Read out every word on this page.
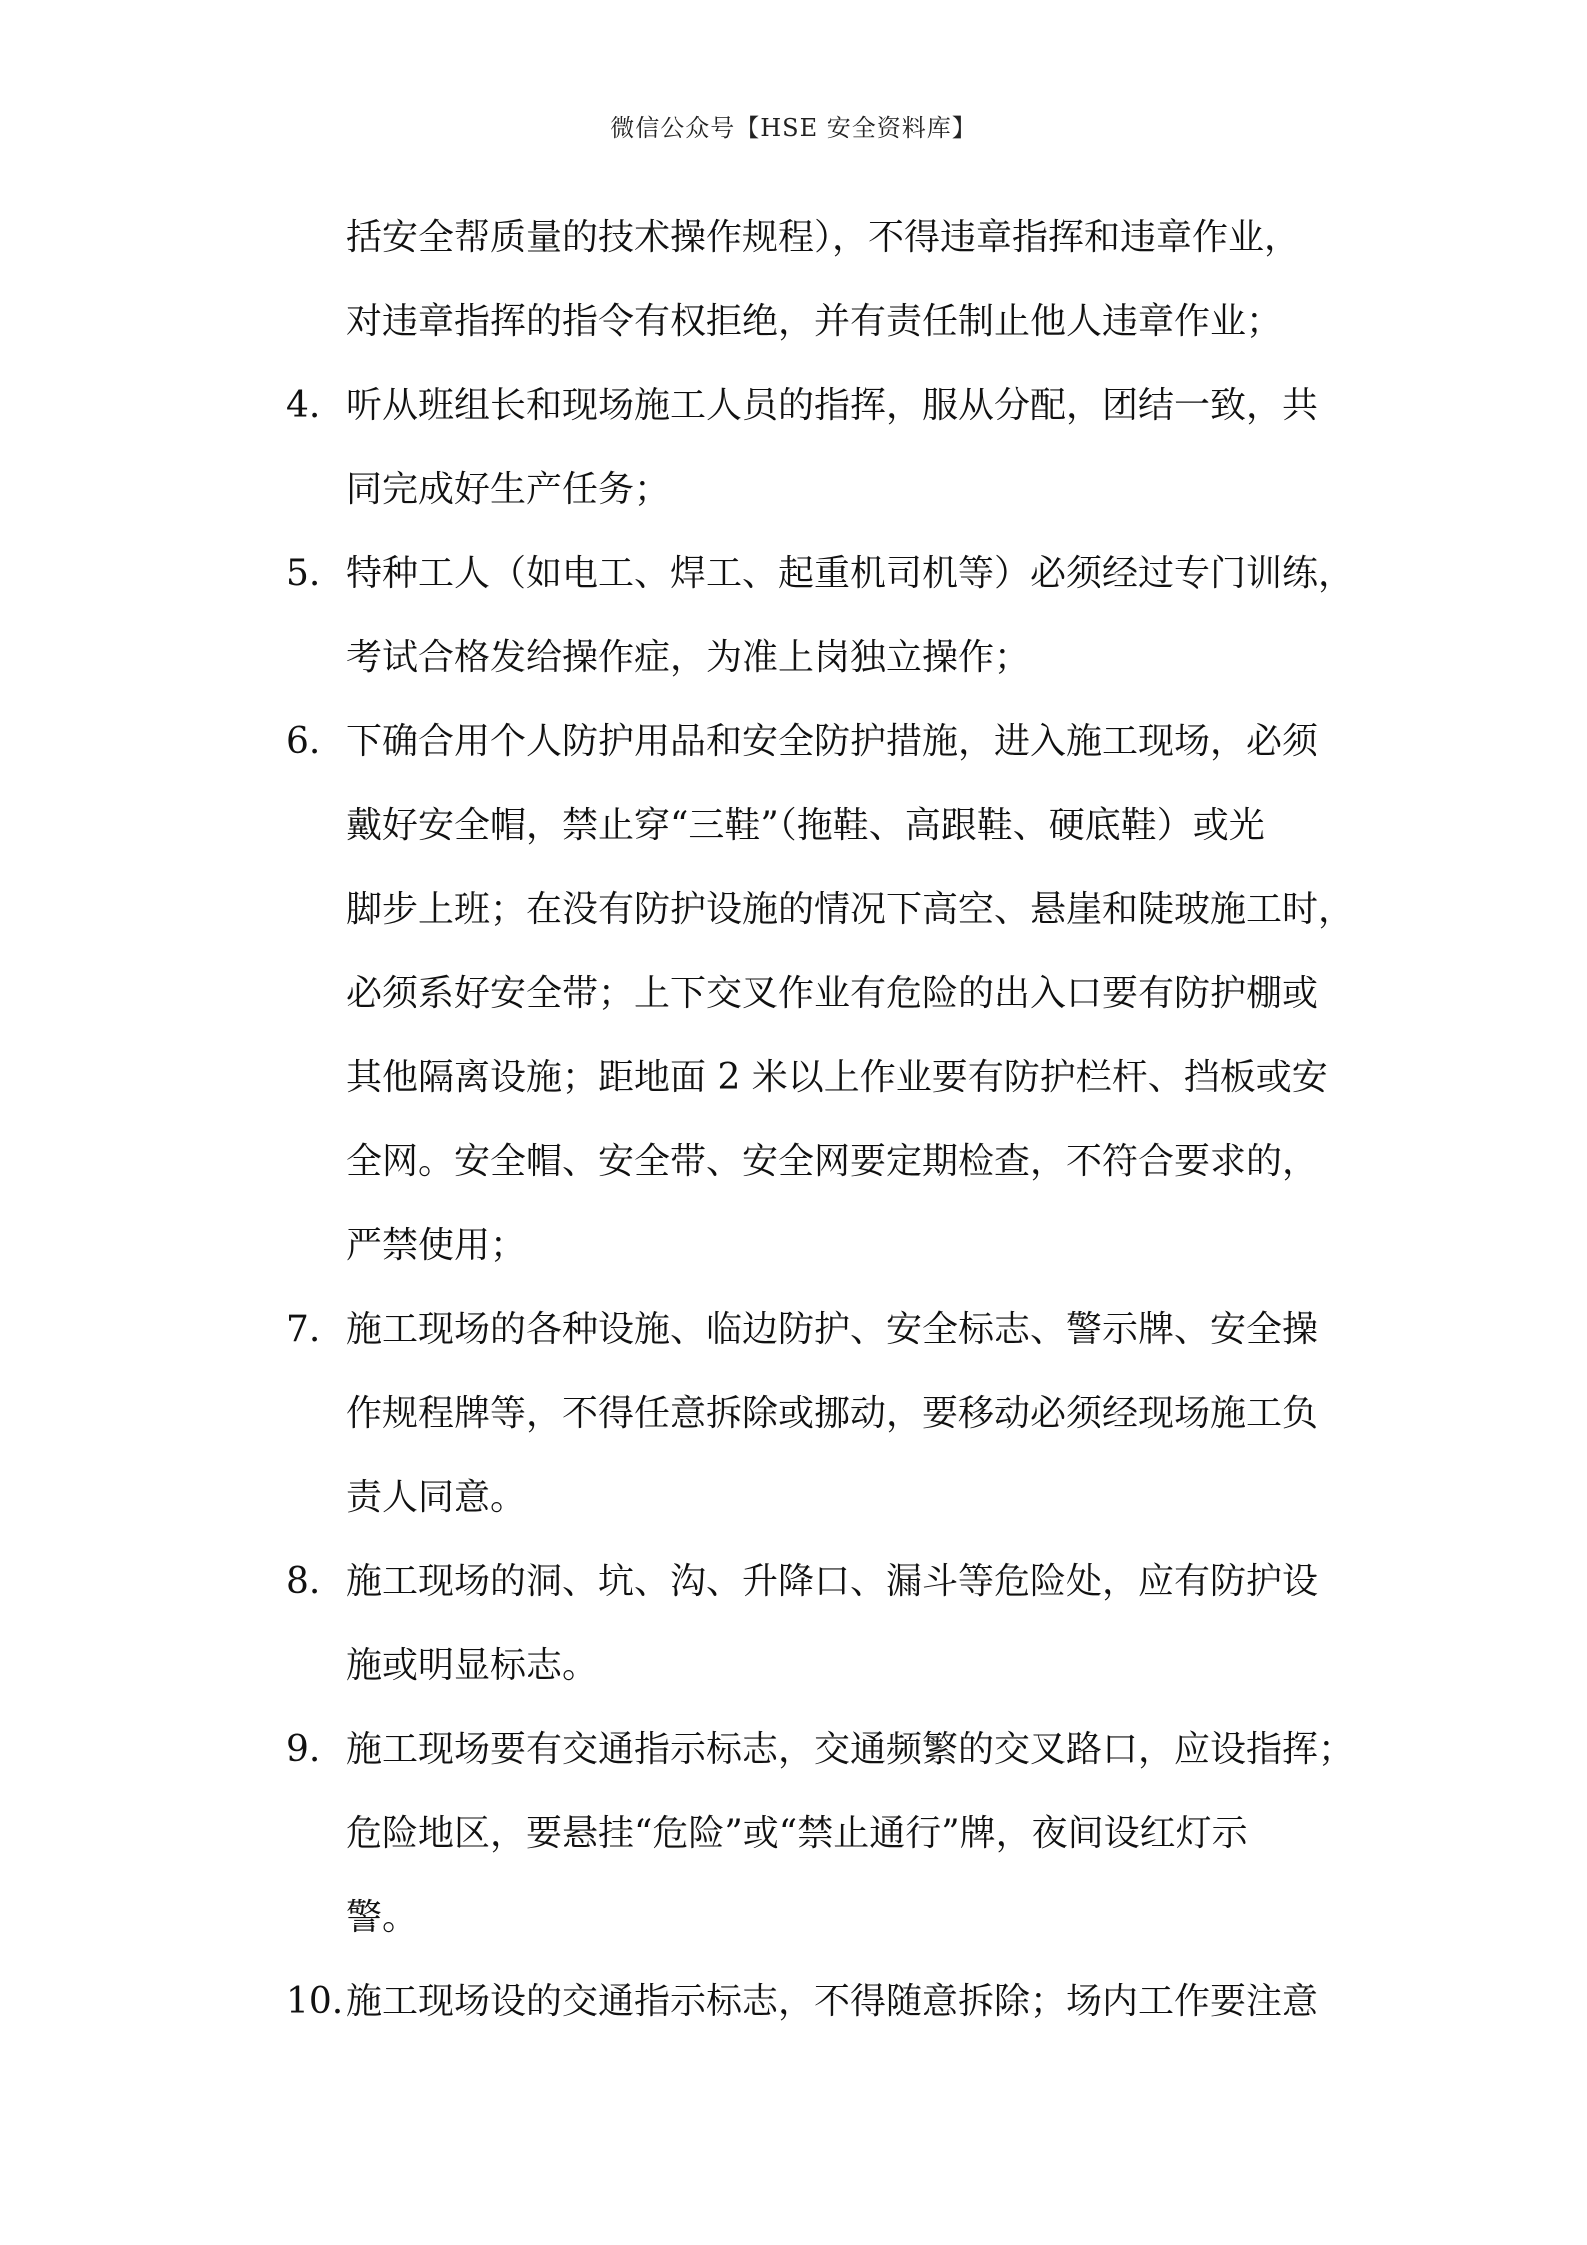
微信公众号【HSE 安全资料库】
括安全帮质量的技术操作规程），不得违章指挥和违章作业，
对违章指挥的指令有权拒绝，并有责任制止他人违章作业；
4. 听从班组长和现场施工人员的指挥，服从分配，团结一致，共
同完成好生产任务；
5. 特种工人（如电工、焊工、起重机司机等）必须经过专门训练，
考试合格发给操作症，为准上岗独立操作；
6. 下确合用个人防护用品和安全防护措施，进入施工现场，必须
戴好安全帽，禁止穿“三鞋”（拖鞋、高跟鞋、硬底鞋）或光
脚步上班；在没有防护设施的情况下高空、悬崖和陡玻施工时，
必须系好安全带；上下交叉作业有危险的出入口要有防护棚或
其他隔离设施；距地面 2 米以上作业要有防护栏杆、挡板或安
全网。安全帽、安全带、安全网要定期检查，不符合要求的，
严禁使用；
7. 施工现场的各种设施、临边防护、安全标志、警示牌、安全操
作规程牌等，不得任意拆除或挪动，要移动必须经现场施工负
责人同意。
8. 施工现场的洞、坑、沟、升降口、漏斗等危险处，应有防护设
施或明显标志。
9. 施工现场要有交通指示标志，交通频繁的交叉路口，应设指挥；
危险地区，要悬挂“危险”或“禁止通行”牌，夜间设红灯示
警。
10. 施工现场设的交通指示标志，不得随意拆除；场内工作要注意
